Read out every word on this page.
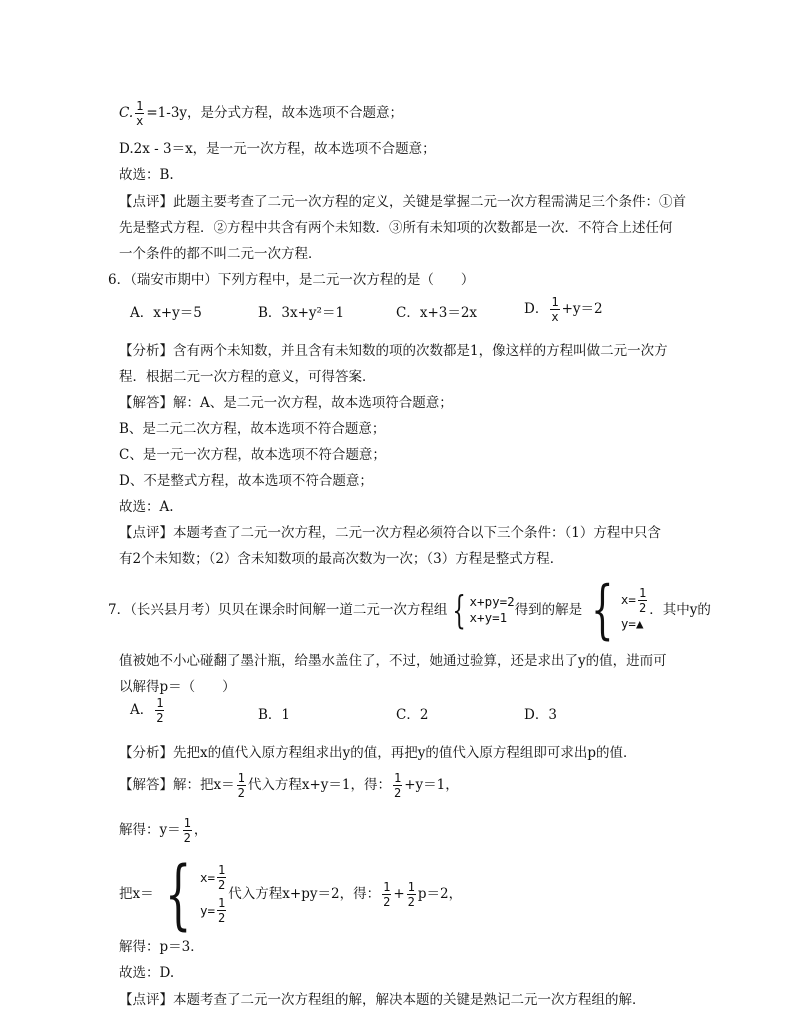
C. $\frac{1}{x} =1-3y$，是分式方程，故本选项不合题意；
D.2x - 3＝x，是一元一次方程，故本选项不合题意；
故选：B.
【点评】此题主要考查了二元一次方程的定义，关键是掌握二元一次方程需满足三个条件：①首
先是整式方程．②方程中共含有两个未知数．③所有未知项的次数都是一次．不符合上述任何
一个条件的都不叫二元一次方程．
6．（瑞安市期中）下列方程中，是二元一次方程的是（　　）
A．x+y＝5	B．3x+y²＝1	C．x+3＝2x	D． $\frac{1}{x} +y=2$
【分析】含有两个未知数，并且含有未知数的项的次数都是1，像这样的方程叫做二元一次方
程．根据二元一次方程的意义，可得答案．
【解答】解：A、是二元一次方程，故本选项符合题意；
B、是二元二次方程，故本选项不符合题意；
C、是一元一次方程，故本选项不符合题意；
D、不是整式方程，故本选项不符合题意；
故选：A.
【点评】本题考查了二元一次方程，二元一次方程必须符合以下三个条件：（1）方程中只含
有2个未知数；（2）含未知数项的最高次数为一次；（3）方程是整式方程．
7．（长兴县月考）贝贝在课余时间解一道二元一次方程组 { x+py=2
x+y=1 得到的解是 { $x= \frac{1}{2}$
y=▲
．其中y的
值被她不小心碰翻了墨汁瓶，给墨水盖住了，不过，她通过验算，还是求出了y的值，进而可
以解得p＝（　　）
A． $\frac{1}{2}$	B．1	C．2	D．3
【分析】先把x的值代入原方程组求出y的值，再把y的值代入原方程组即可求出p的值．
【解答】解：把$x= \frac{1}{2}$ 代入方程x+y＝1，得： $\frac{1}{2} +y=1$，
解得：$y= \frac{1}{2}$ ，
把x＝ { $x= \frac{1}{2}$
$y= \frac{1}{2}$
代入方程x+py＝2，得： $\frac{1}{2} + \frac{1}{2} p=2$，
解得：p＝3．
故选：D.
【点评】本题考查了二元一次方程组的解，解决本题的关键是熟记二元一次方程组的解．
